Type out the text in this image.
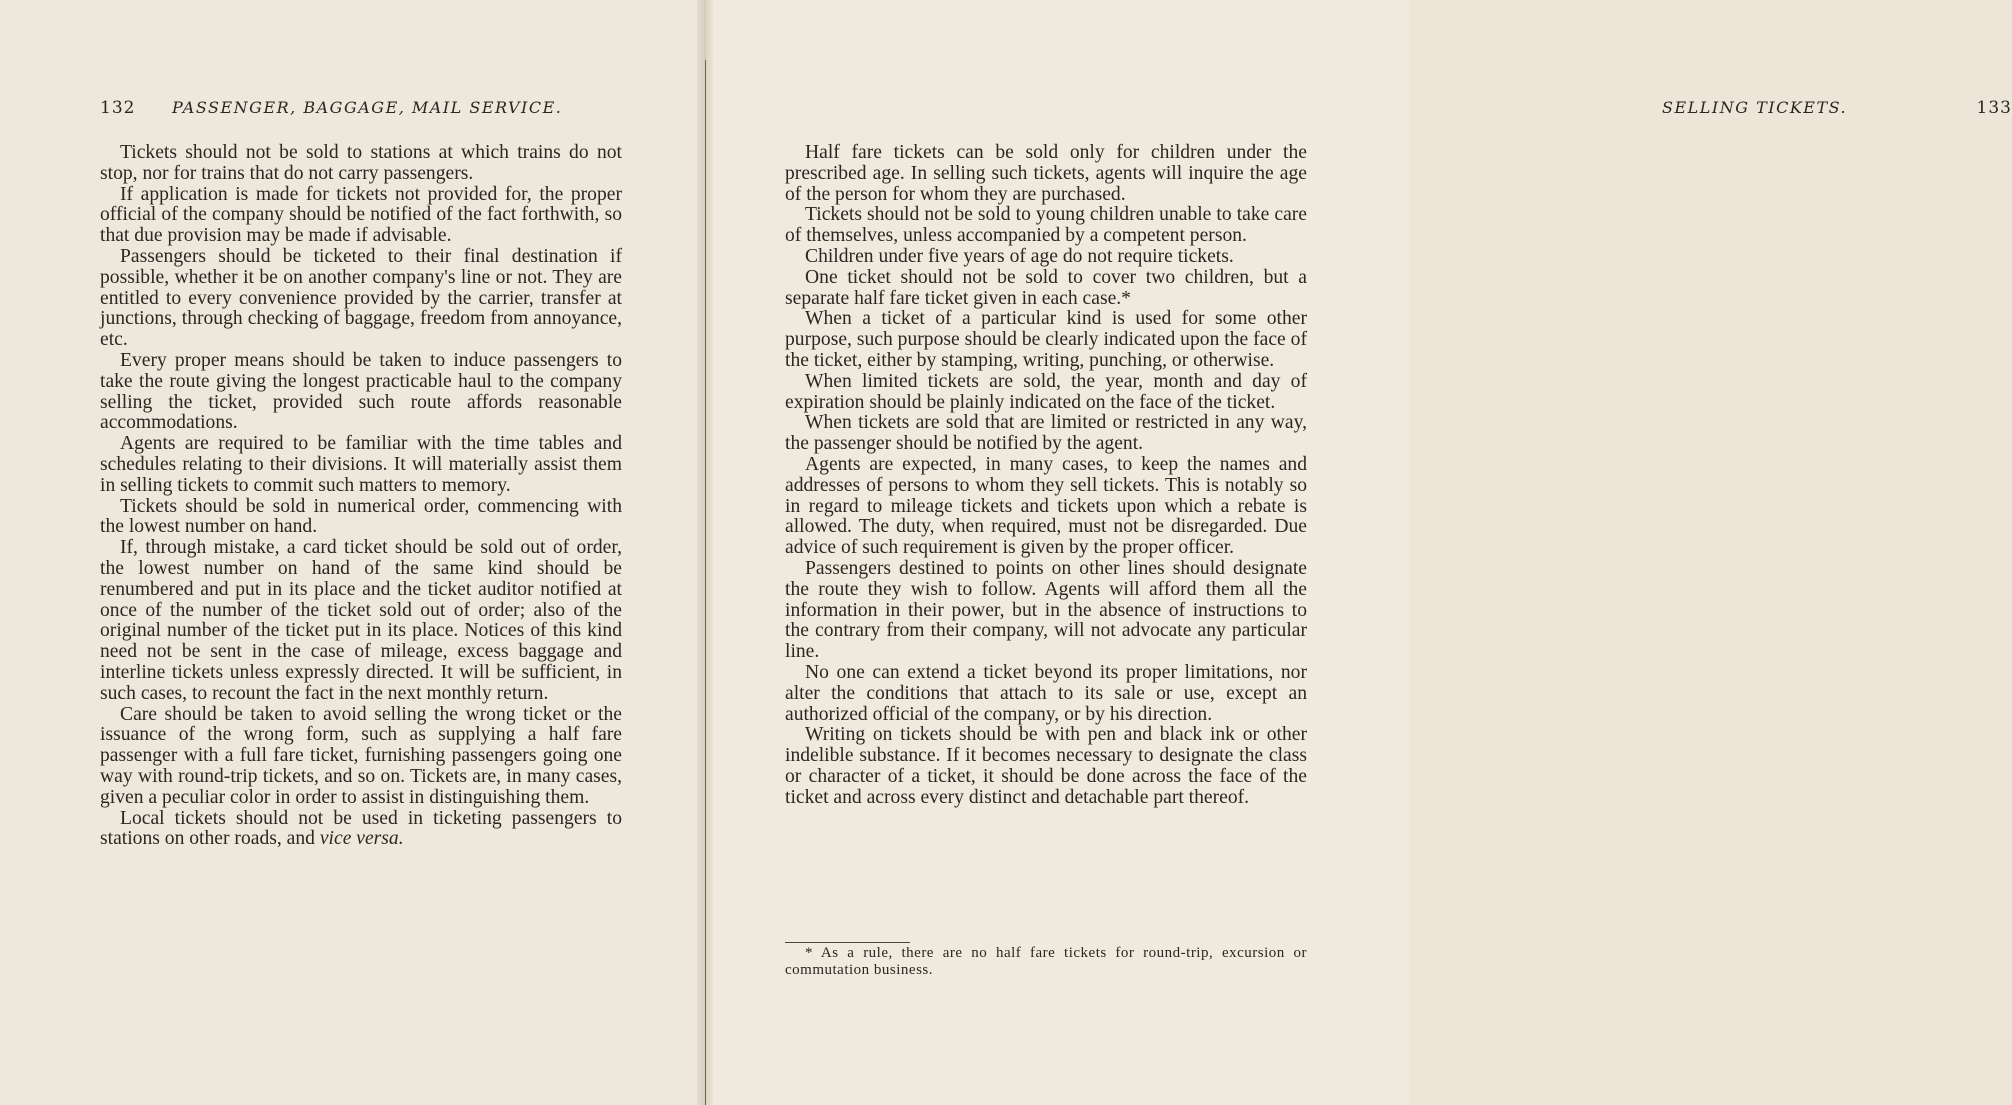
132 PASSENGER, BAGGAGE, MAIL SERVICE.

Tickets should not be sold to stations at which trains do not stop, nor for trains that do not carry passengers.

If application is made for tickets not provided for, the proper official of the company should be notified of the fact forthwith, so that due provision may be made if advisable.

Passengers should be ticketed to their final destination if possible, whether it be on another company's line or not. They are entitled to every convenience provided by the carrier, transfer at junctions, through checking of baggage, freedom from annoyance, etc.

Every proper means should be taken to induce passengers to take the route giving the longest practicable haul to the company selling the ticket, provided such route affords reasonable accommodations.

Agents are required to be familiar with the time tables and schedules relating to their divisions. It will materially assist them in selling tickets to commit such matters to memory.

Tickets should be sold in numerical order, commencing with the lowest number on hand.

If, through mistake, a card ticket should be sold out of order, the lowest number on hand of the same kind should be renumbered and put in its place and the ticket auditor notified at once of the number of the ticket sold out of order; also of the original number of the ticket put in its place. Notices of this kind need not be sent in the case of mileage, excess baggage and interline tickets unless expressly directed. It will be sufficient, in such cases, to recount the fact in the next monthly return.

Care should be taken to avoid selling the wrong ticket or the issuance of the wrong form, such as supplying a half fare passenger with a full fare ticket, furnishing passengers going one way with round-trip tickets, and so on. Tickets are, in many cases, given a peculiar color in order to assist in distinguishing them.

Local tickets should not be used in ticketing passengers to stations on other roads, and vice versa.

SELLING TICKETS.	133

Half fare tickets can be sold only for children under the prescribed age. In selling such tickets, agents will inquire the age of the person for whom they are purchased.

Tickets should not be sold to young children unable to take care of themselves, unless accompanied by a competent person.

Children under five years of age do not require tickets.

One ticket should not be sold to cover two children, but a separate half fare ticket given in each case.*

When a ticket of a particular kind is used for some other purpose, such purpose should be clearly indicated upon the face of the ticket, either by stamping, writing, punching, or otherwise.

When limited tickets are sold, the year, month and day of expiration should be plainly indicated on the face of the ticket.

When tickets are sold that are limited or restricted in any way, the passenger should be notified by the agent.

Agents are expected, in many cases, to keep the names and addresses of persons to whom they sell tickets. This is notably so in regard to mileage tickets and tickets upon which a rebate is allowed. The duty, when required, must not be disregarded. Due advice of such requirement is given by the proper officer.

Passengers destined to points on other lines should designate the route they wish to follow. Agents will afford them all the information in their power, but in the absence of instructions to the contrary from their company, will not advocate any particular line.

No one can extend a ticket beyond its proper limitations, nor alter the conditions that attach to its sale or use, except an authorized official of the company, or by his direction.

Writing on tickets should be with pen and black ink or other indelible substance. If it becomes necessary to designate the class or character of a ticket, it should be done across the face of the ticket and across every distinct and detachable part thereof.

* As a rule, there are no half fare tickets for round-trip, excursion or commutation business.
